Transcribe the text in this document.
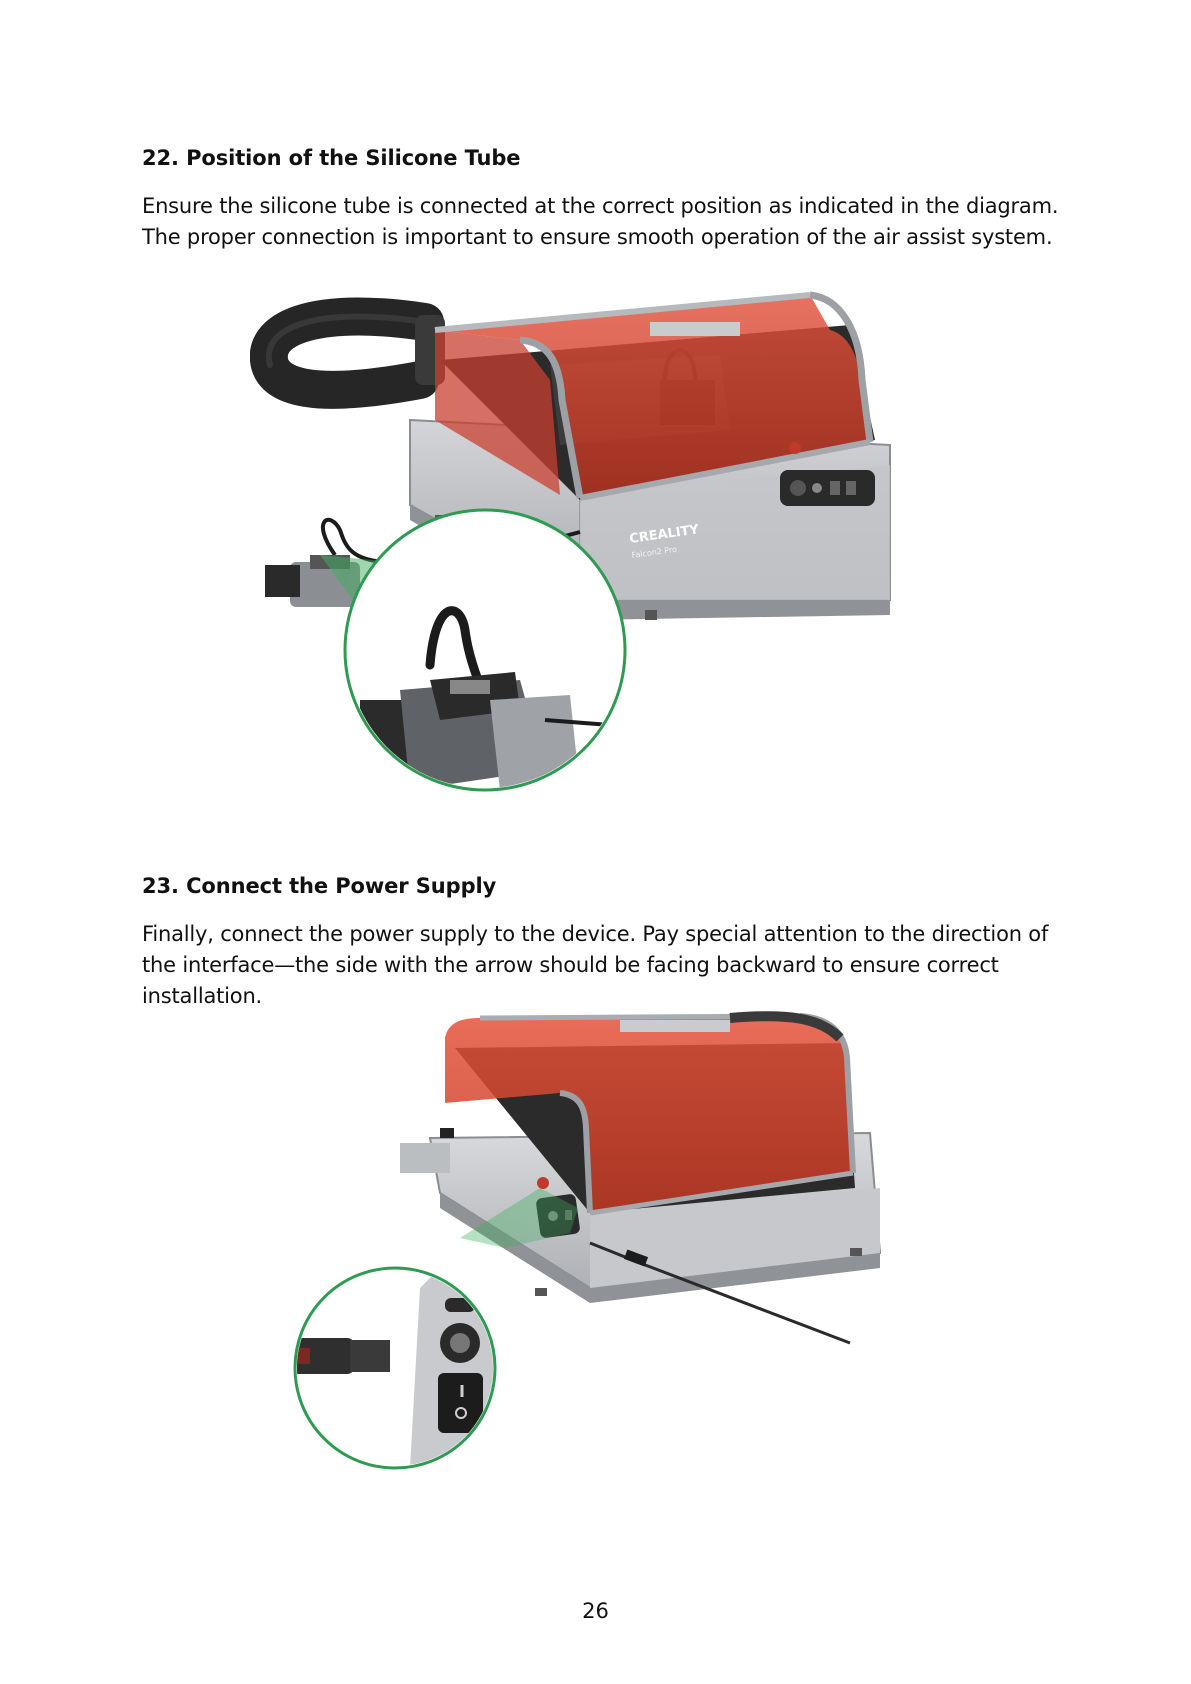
22. Position of the Silicone Tube

Ensure the silicone tube is connected at the correct position as indicated in the diagram. The proper connection is important to ensure smooth operation of the air assist system.

CREALITY
Falcon2 Pro
23. Connect the Power Supply

Finally, connect the power supply to the device. Pay special attention to the direction of the interface—the side with the arrow should be facing backward to ensure correct installation.

26
